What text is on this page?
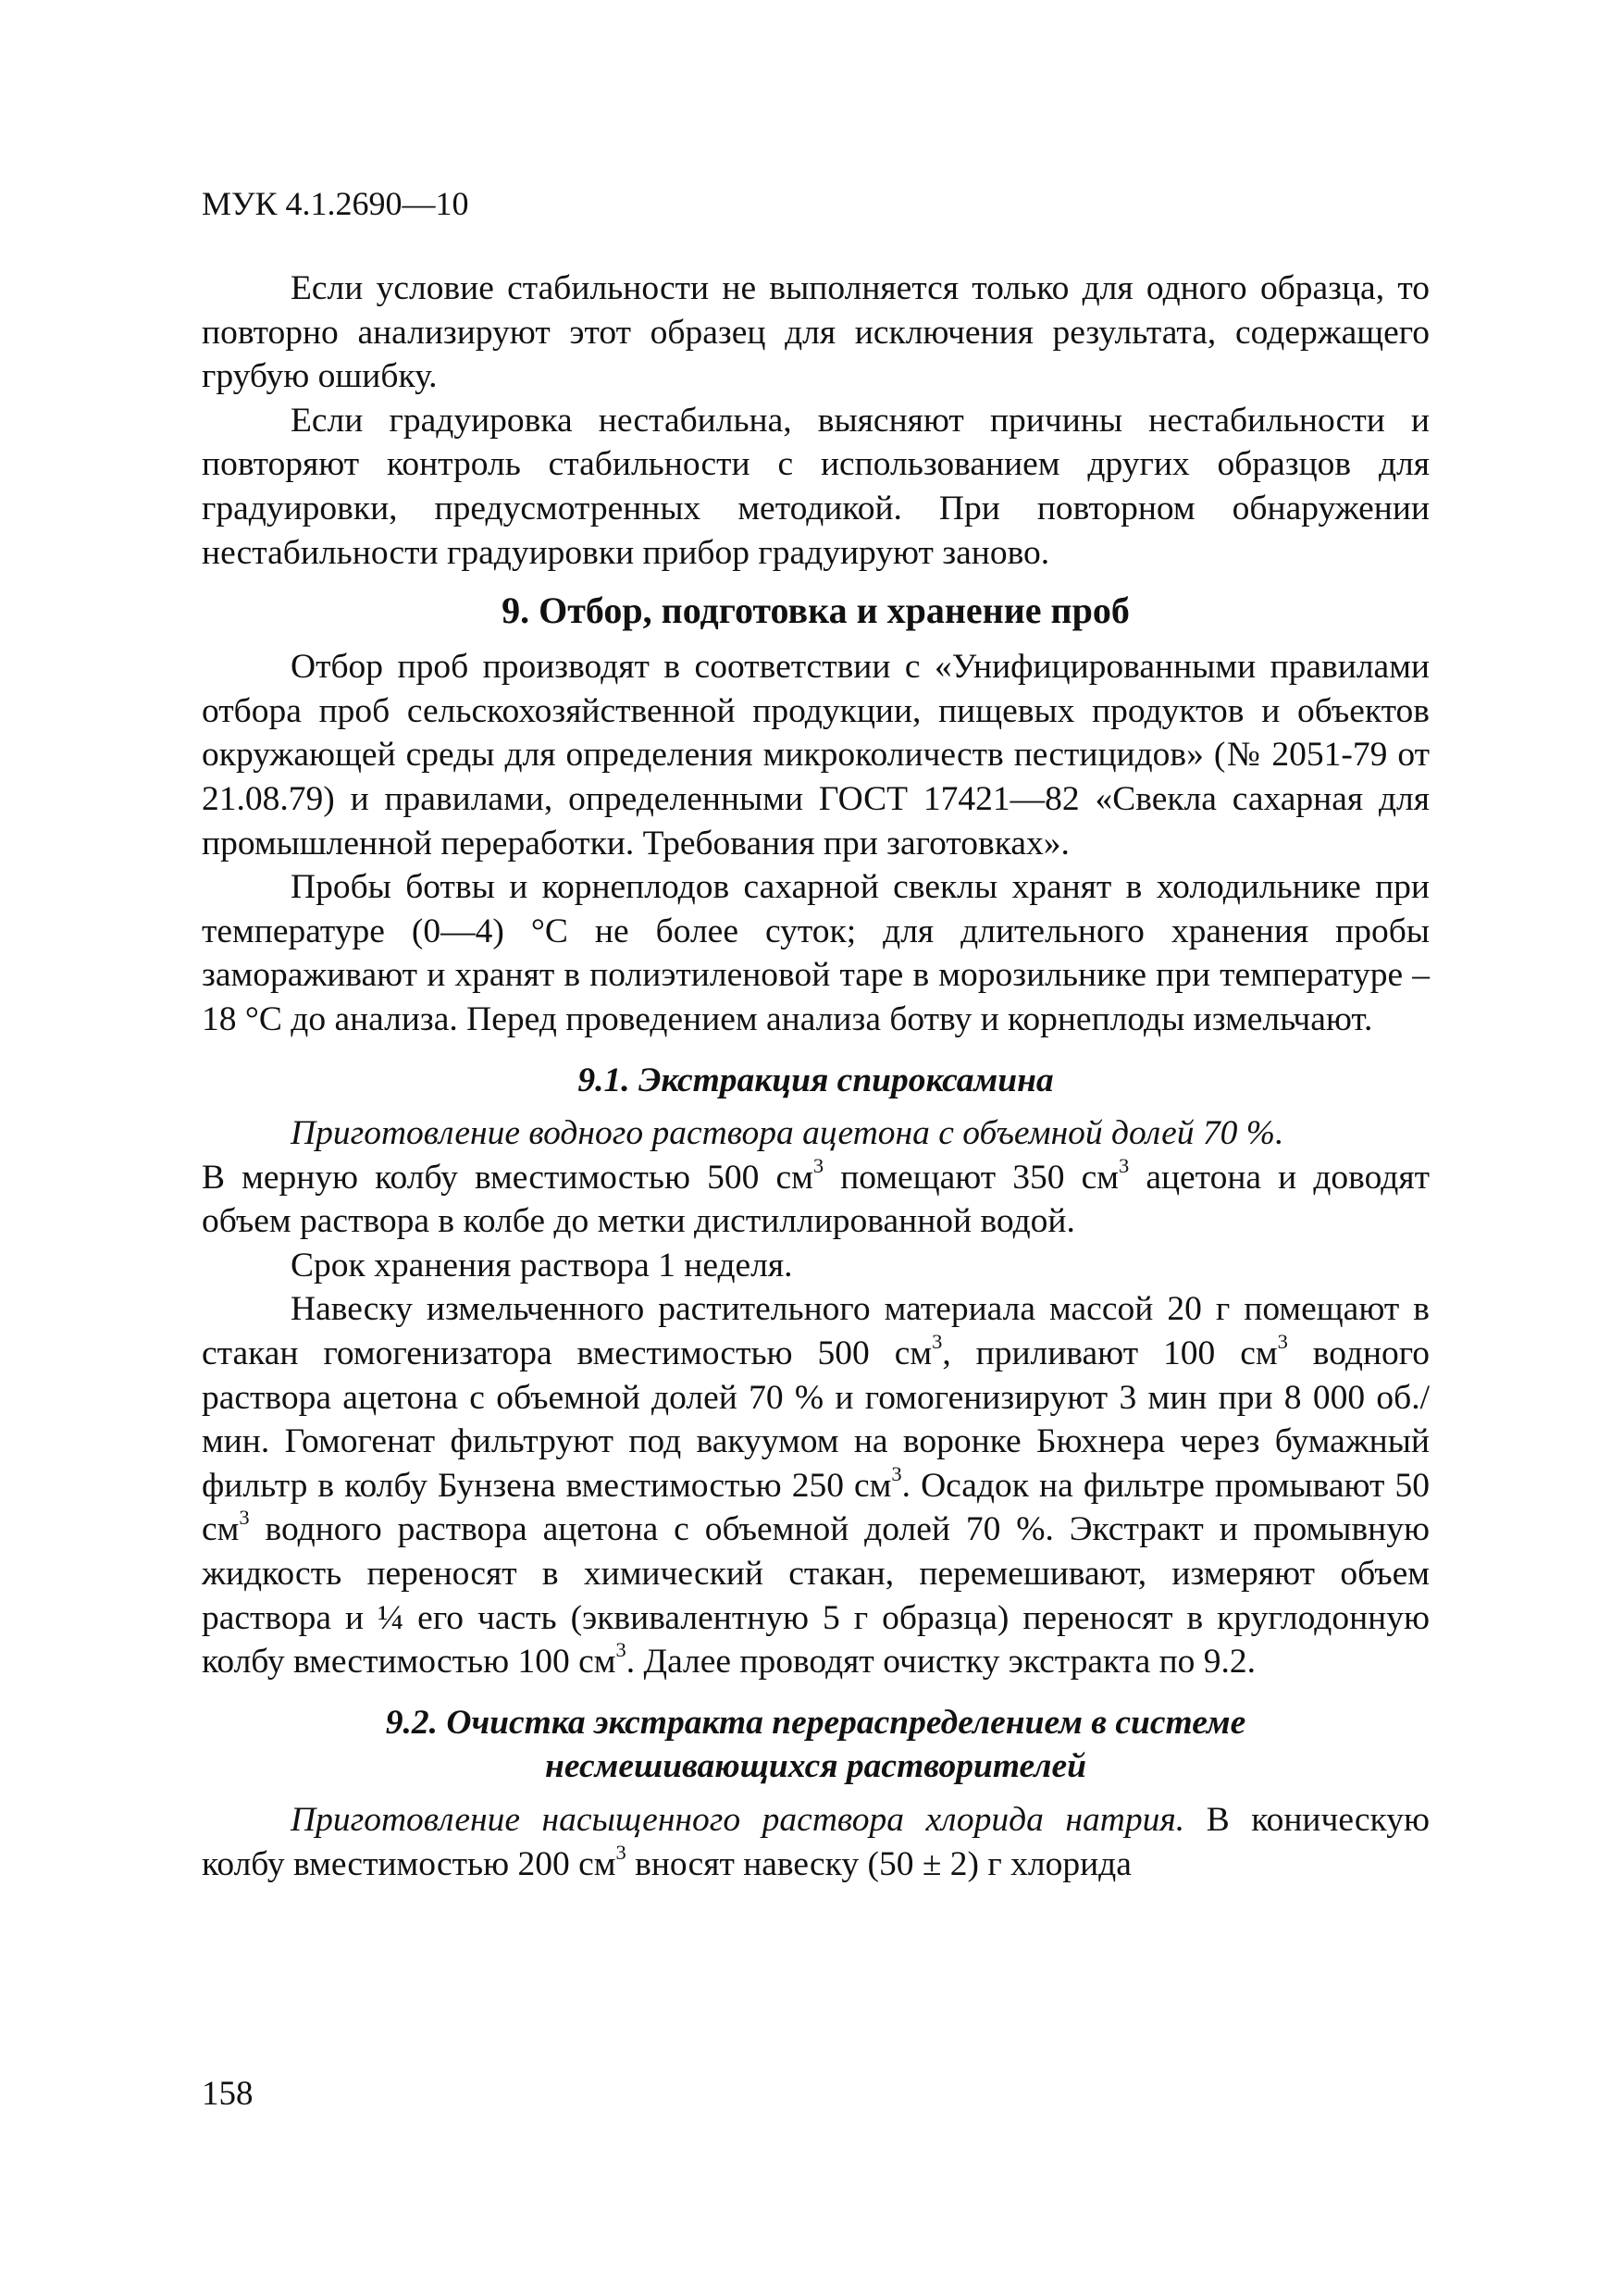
МУК 4.1.2690—10

Если условие стабильности не выполняется только для одного образца, то повторно анализируют этот образец для исключения результата, содержащего грубую ошибку.

Если градуировка нестабильна, выясняют причины нестабильности и повторяют контроль стабильности с использованием других образцов для градуировки, предусмотренных методикой. При повторном обнаружении нестабильности градуировки прибор градуируют заново.

9. Отбор, подготовка и хранение проб

Отбор проб производят в соответствии с «Унифицированными правилами отбора проб сельскохозяйственной продукции, пищевых продуктов и объектов окружающей среды для определения микроколичеств пестицидов» (№ 2051-79 от 21.08.79) и правилами, определенными ГОСТ 17421—82 «Свекла сахарная для промышленной переработки. Требования при заготовках».

Пробы ботвы и корнеплодов сахарной свеклы хранят в холодильнике при температуре (0—4) °С не более суток; для длительного хранения пробы замораживают и хранят в полиэтиленовой таре в морозильнике при температуре –18 °С до анализа. Перед проведением анализа ботву и корнеплоды измельчают.

9.1. Экстракция спироксамина

Приготовление водного раствора ацетона с объемной долей 70 %.
В мерную колбу вместимостью 500 $см^3$ помещают 350 $см^3$ ацетона и доводят объем раствора в колбе до метки дистиллированной водой.

Срок хранения раствора 1 неделя.

Навеску измельченного растительного материала массой 20 г помещают в стакан гомогенизатора вместимостью 500 $см^3$, приливают 100 $см^3$ водного раствора ацетона с объемной долей 70 % и гомогенизируют 3 мин при 8 000 об./мин. Гомогенат фильтруют под вакуумом на воронке Бюхнера через бумажный фильтр в колбу Бунзена вместимостью 250 $см^3$. Осадок на фильтре промывают 50 $см^3$ водного раствора ацетона с объемной долей 70 %. Экстракт и промывную жидкость переносят в химический стакан, перемешивают, измеряют объем раствора и ¼ его часть (эквивалентную 5 г образца) переносят в круглодонную колбу вместимостью 100 $см^3$. Далее проводят очистку экстракта по 9.2.

9.2. Очистка экстракта перераспределением в системе
несмешивающихся растворителей

Приготовление насыщенного раствора хлорида натрия. В коническую колбу вместимостью 200 $см^3$ вносят навеску (50 ± 2) г хлорида

158
